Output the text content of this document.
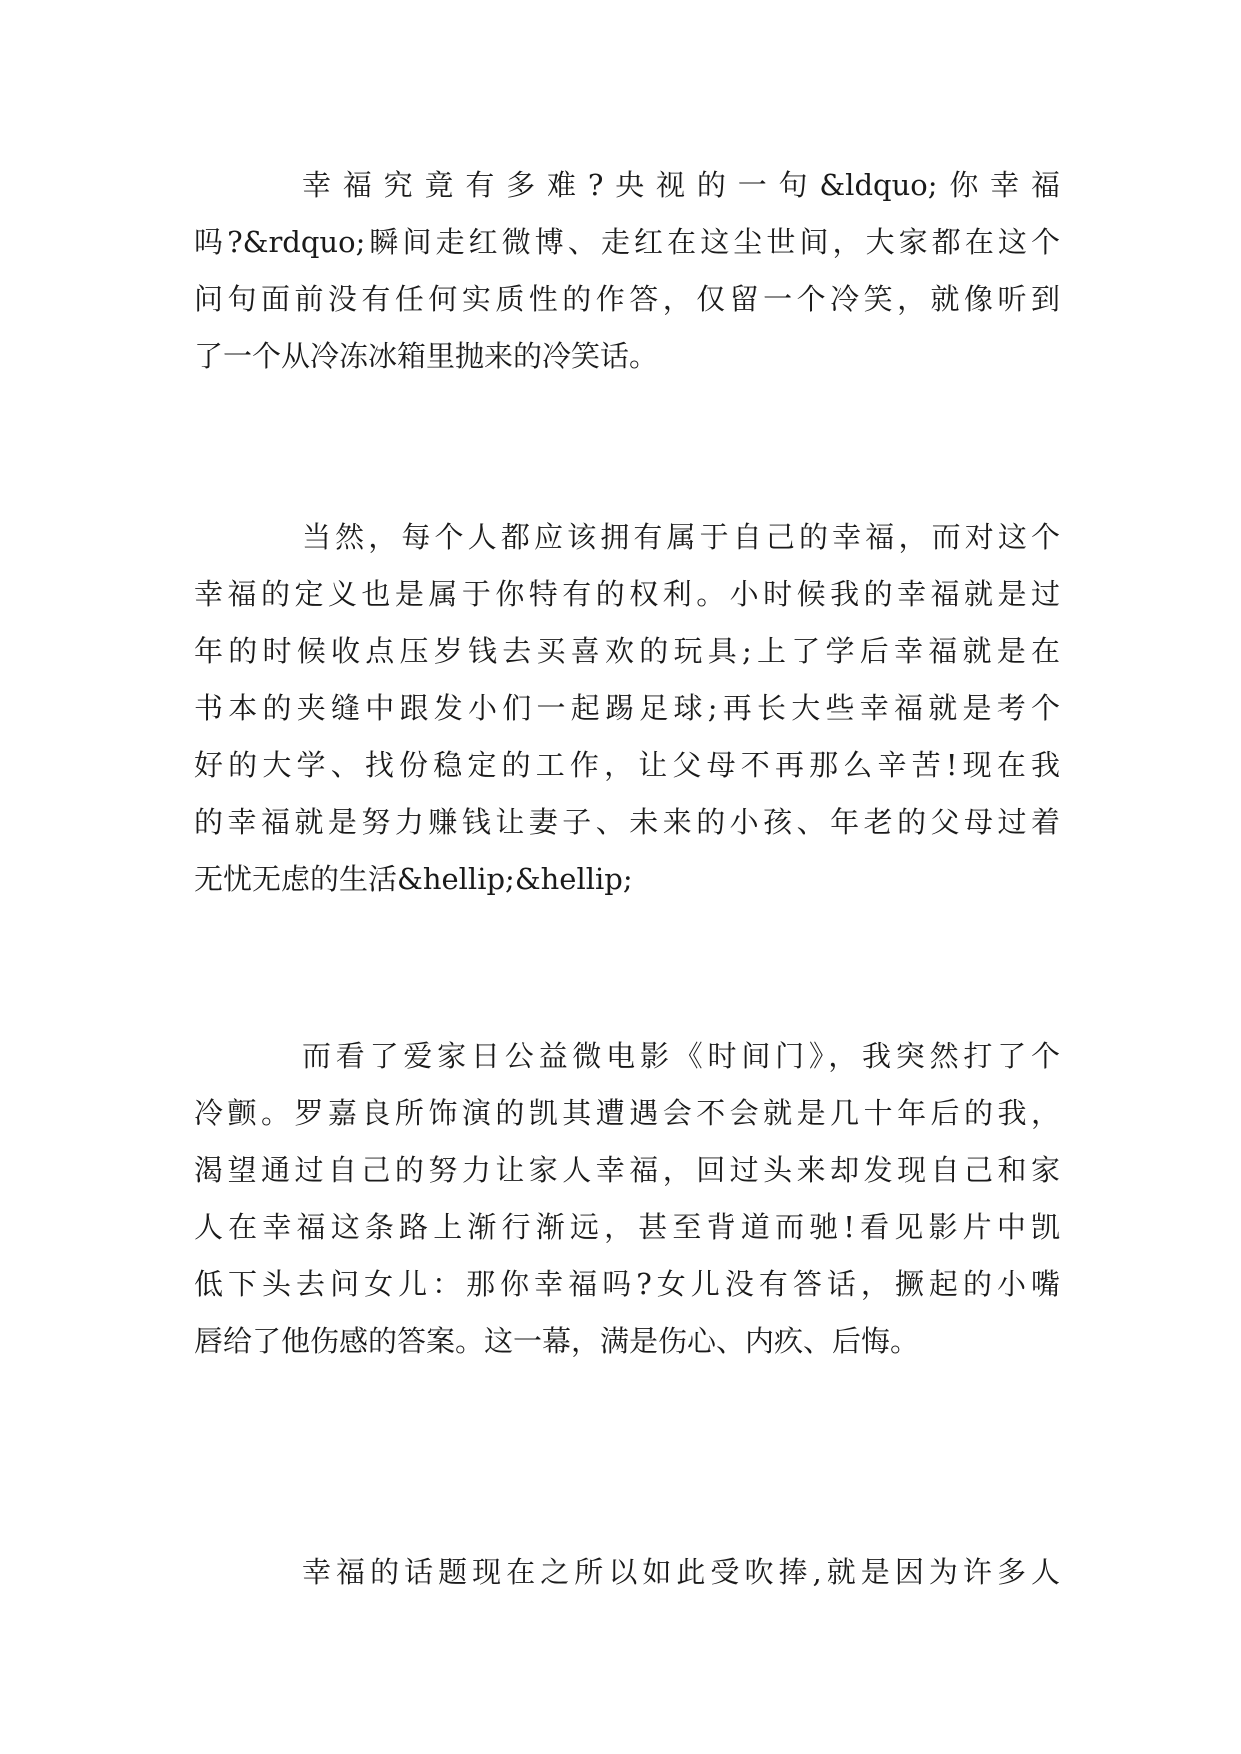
幸福究竟有多难?央视的一句&ldquo;你幸福
吗?&rdquo;瞬间走红微博、走红在这尘世间，大家都在这个
问句面前没有任何实质性的作答，仅留一个冷笑，就像听到
了一个从冷冻冰箱里抛来的冷笑话。
当然，每个人都应该拥有属于自己的幸福，而对这个
幸福的定义也是属于你特有的权利。小时候我的幸福就是过
年的时候收点压岁钱去买喜欢的玩具;上了学后幸福就是在
书本的夹缝中跟发小们一起踢足球;再长大些幸福就是考个
好的大学、找份稳定的工作，让父母不再那么辛苦!现在我
的幸福就是努力赚钱让妻子、未来的小孩、年老的父母过着
无忧无虑的生活&hellip;&hellip;
而看了爱家日公益微电影《时间门》，我突然打了个
冷颤。罗嘉良所饰演的凯其遭遇会不会就是几十年后的我，
渴望通过自己的努力让家人幸福，回过头来却发现自己和家
人在幸福这条路上渐行渐远，甚至背道而驰!看见影片中凯
低下头去问女儿：那你幸福吗?女儿没有答话，撅起的小嘴
唇给了他伤感的答案。这一幕，满是伤心、内疚、后悔。
幸福的话题现在之所以如此受吹捧,就是因为许多人
